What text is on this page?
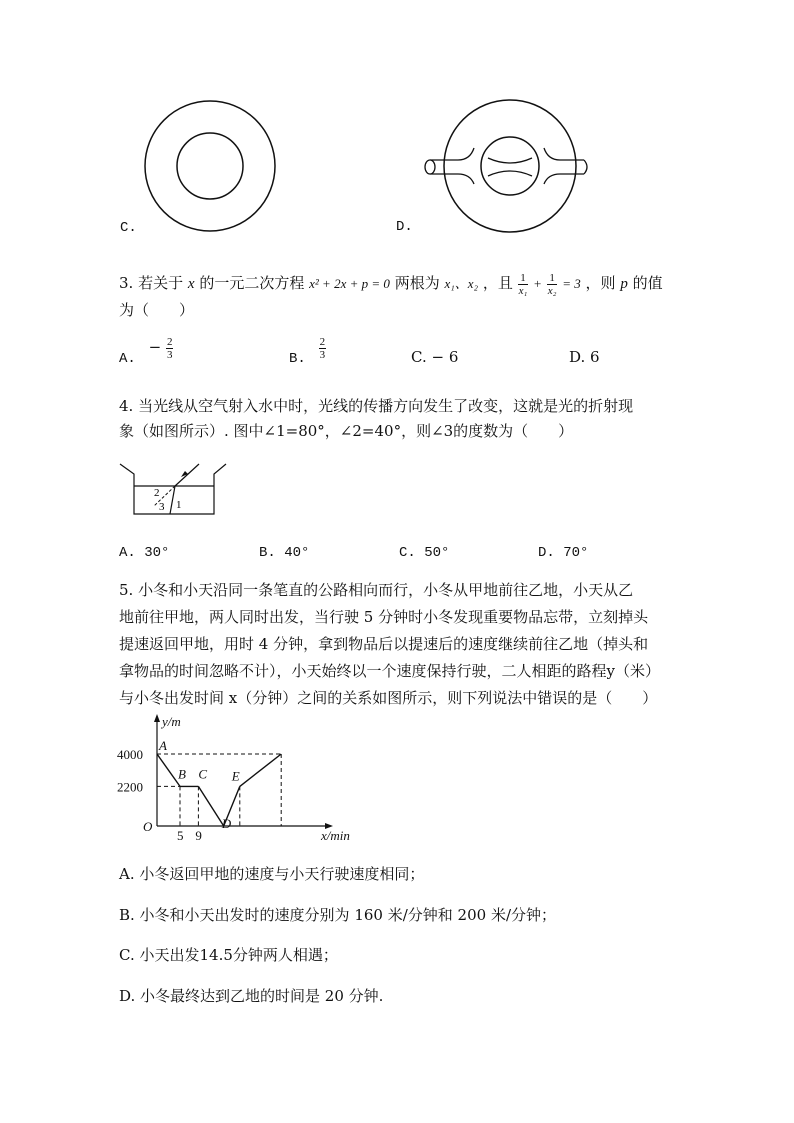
C.	D.
3. 若关于 x 的一元二次方程 x² + 2x + p = 0 两根为 x₁、x₂ ，且 $\frac{1}{\text{x₁}} + \frac{1}{\text{x₂}} = 3$ ，则 p 的值
为（　　）
A. − $\frac{2}{3}$	B. $\frac{2}{3}$	C. − 6	D. 6
4. 当光线从空气射入水中时，光线的传播方向发生了改变，这就是光的折射现
象（如图所示）. 图中∠1=80°，∠2=40°，则∠3的度数为（　　）
2
3 1
A. 30°	B. 40°	C. 50°	D. 70°
5. 小冬和小天沿同一条笔直的公路相向而行，小冬从甲地前往乙地，小天从乙
地前往甲地，两人同时出发，当行驶 5 分钟时小冬发现重要物品忘带，立刻掉头
提速返回甲地，用时 4 分钟，拿到物品后以提速后的速度继续前往乙地（掉头和
拿物品的时间忽略不计），小天始终以一个速度保持行驶，二人相距的路程y（米）
与小冬出发时间 x（分钟）之间的关系如图所示，则下列说法中错误的是（　　）
y/m
x/min
O
2200
4000
5 9
A
B C
D
E
A. 小冬返回甲地的速度与小天行驶速度相同；
B. 小冬和小天出发时的速度分别为 160 米/分钟和 200 米/分钟；
C. 小天出发14.5分钟两人相遇；
D. 小冬最终达到乙地的时间是 20 分钟.
